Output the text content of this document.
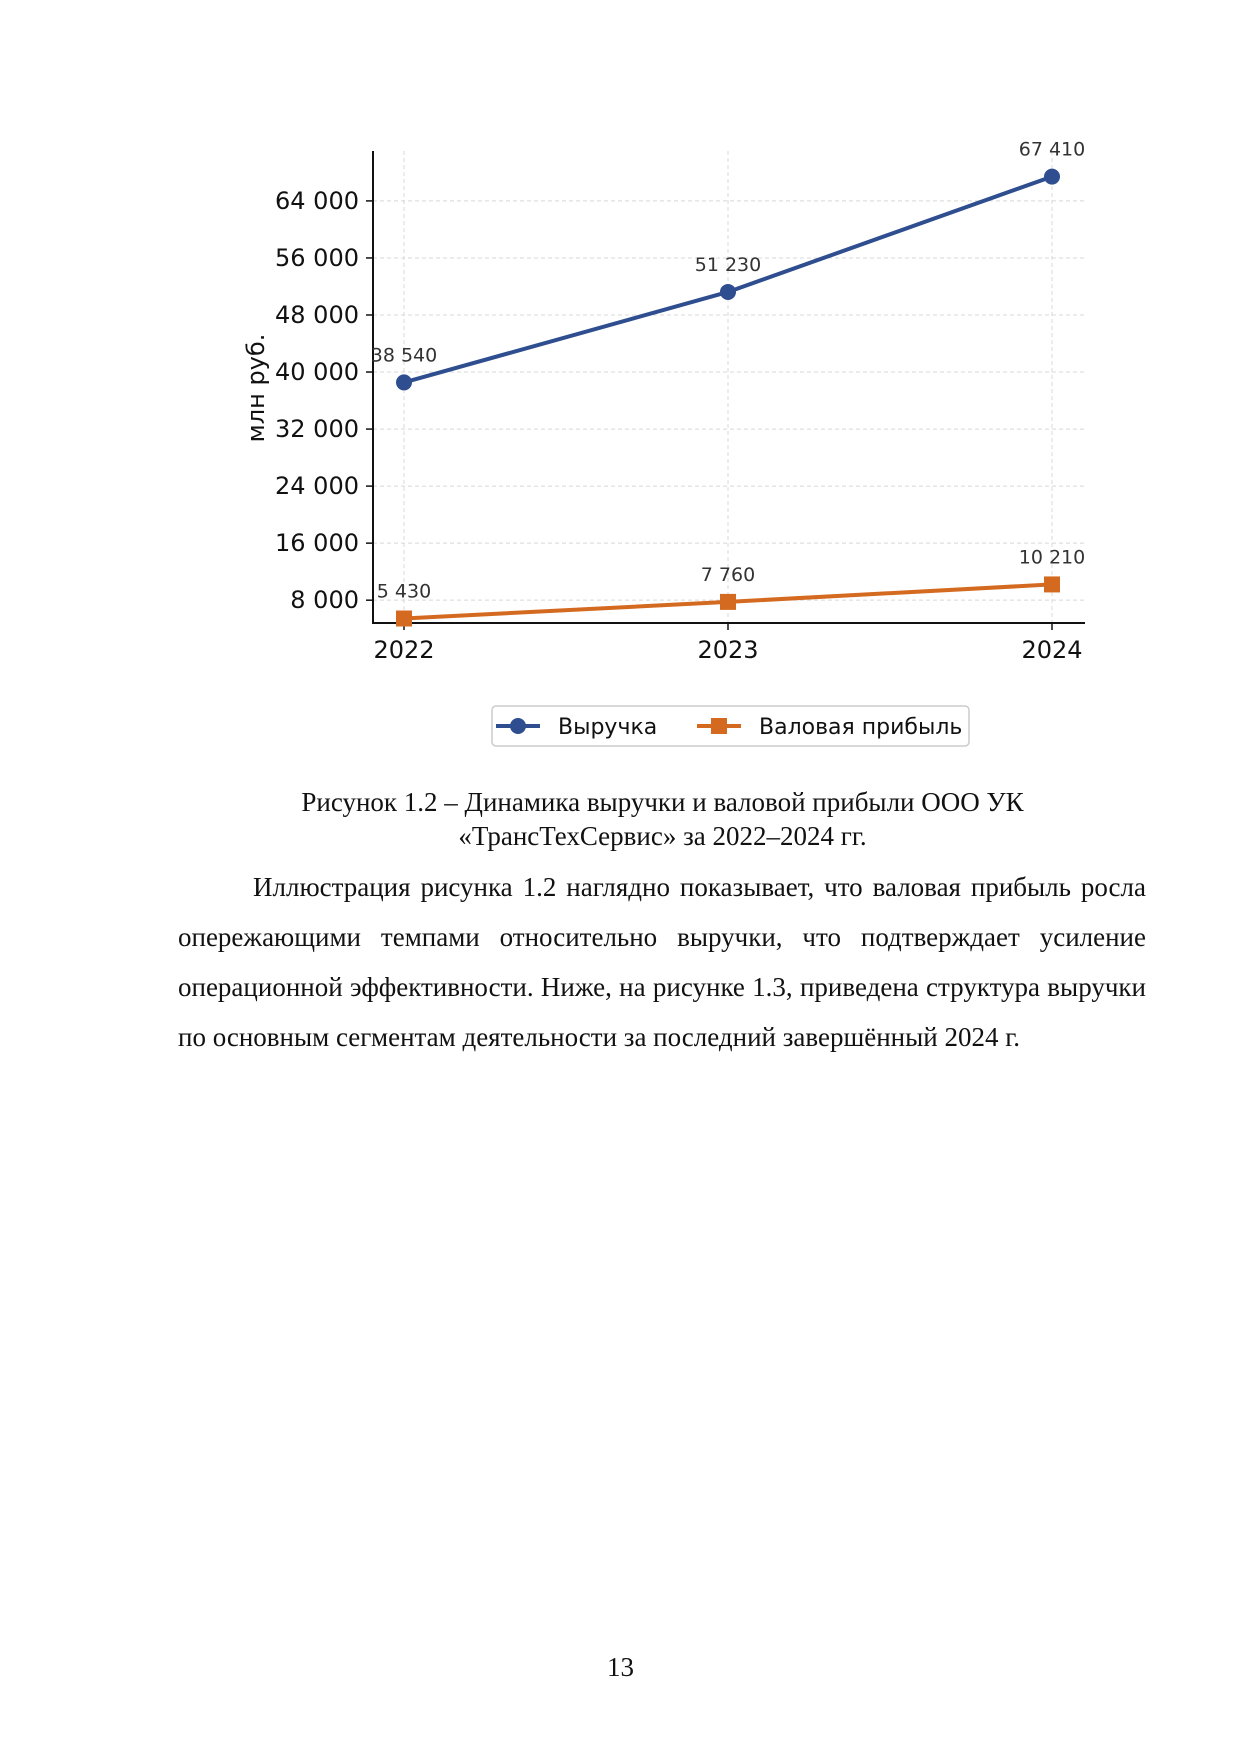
8 000
16 000
24 000
32 000
40 000
48 000
56 000
64 000
2022	2023	2024
млн руб.	38 540
51 230
67 410
5 430
7 760
10 210
Выручка	Валовая прибыль
Рисунок 1.2 – Динамика выручки и валовой прибыли ООО УК
«ТрансТехСервис» за 2022–2024 гг.

Иллюстрация рисунка 1.2 наглядно показывает, что валовая прибыль росла опережающими темпами относительно выручки, что подтверждает усиление операционной эффективности. Ниже, на рисунке 1.3, приведена структура выручки по основным сегментам деятельности за последний завершённый 2024 г.

13
